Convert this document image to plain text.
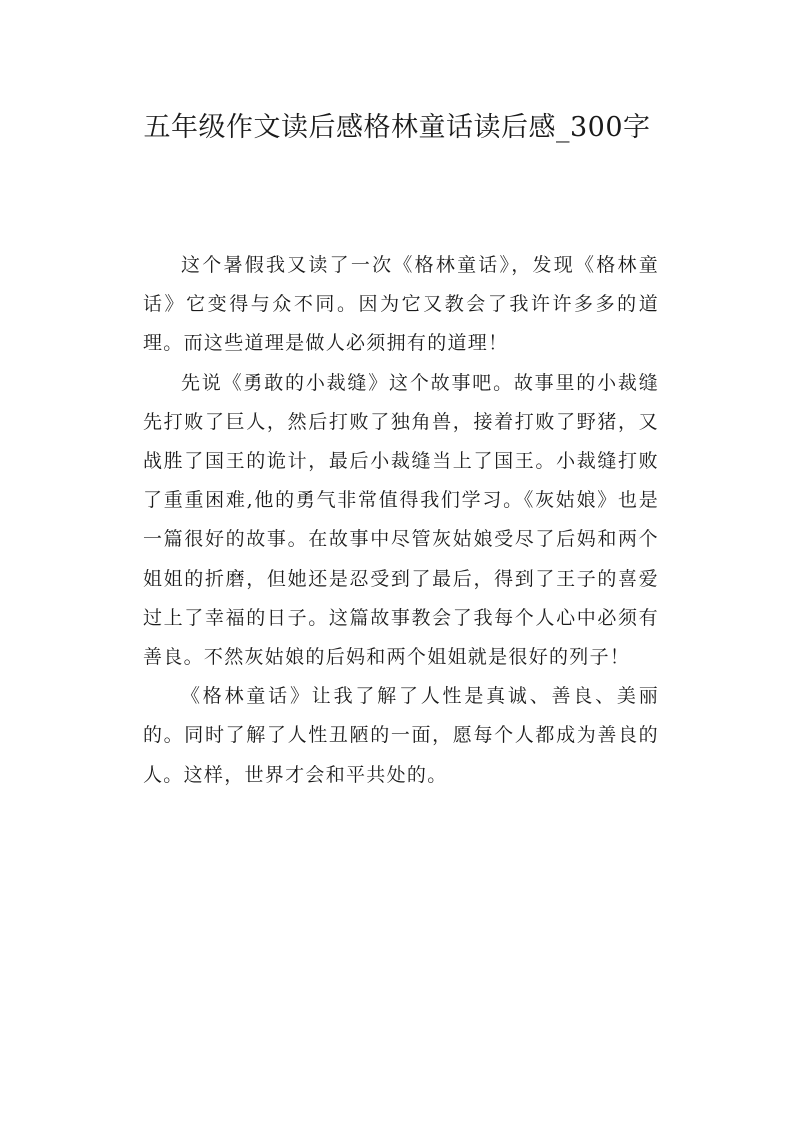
五年级作文读后感格林童话读后感_300字

这个暑假我又读了一次《格林童话》，发现《格林童话》它变得与众不同。因为它又教会了我许许多多的道理。而这些道理是做人必须拥有的道理！

先说《勇敢的小裁缝》这个故事吧。故事里的小裁缝先打败了巨人，然后打败了独角兽，接着打败了野猪，又战胜了国王的诡计，最后小裁缝当上了国王。小裁缝打败了重重困难,他的勇气非常值得我们学习。《灰姑娘》也是一篇很好的故事。在故事中尽管灰姑娘受尽了后妈和两个姐姐的折磨，但她还是忍受到了最后，得到了王子的喜爱过上了幸福的日子。这篇故事教会了我每个人心中必须有善良。不然灰姑娘的后妈和两个姐姐就是很好的列子！

《格林童话》让我了解了人性是真诚、善良、美丽的。同时了解了人性丑陋的一面，愿每个人都成为善良的人。这样，世界才会和平共处的。
